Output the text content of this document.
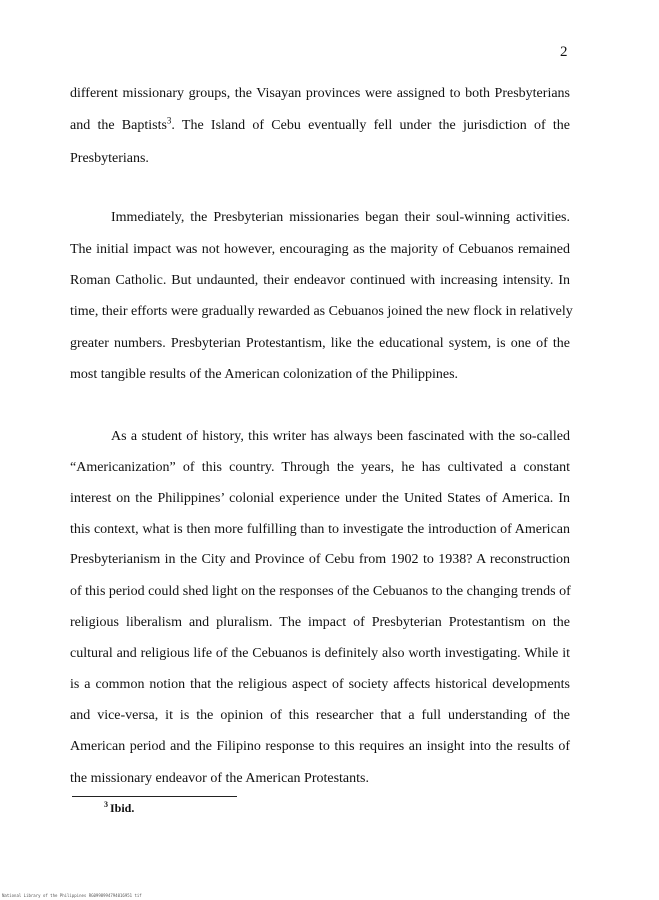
2
different missionary groups, the Visayan provinces were assigned to both Presbyterians
and the Baptists$^3$. The Island of Cebu eventually fell under the jurisdiction of the
Presbyterians.
Immediately, the Presbyterian missionaries began their soul-winning activities.
The initial impact was not however, encouraging as the majority of Cebuanos remained
Roman Catholic. But undaunted, their endeavor continued with increasing intensity. In
time, their efforts were gradually rewarded as Cebuanos joined the new flock in relatively
greater numbers. Presbyterian Protestantism, like the educational system, is one of the
most tangible results of the American colonization of the Philippines.
As a student of history, this writer has always been fascinated with the so-called
“Americanization” of this country. Through the years, he has cultivated a constant
interest on the Philippines’ colonial experience under the United States of America. In
this context, what is then more fulfilling than to investigate the introduction of American
Presbyterianism in the City and Province of Cebu from 1902 to 1938? A reconstruction
of this period could shed light on the responses of the Cebuanos to the changing trends of
religious liberalism and pluralism. The impact of Presbyterian Protestantism on the
cultural and religious life of the Cebuanos is definitely also worth investigating. While it
is a common notion that the religious aspect of society affects historical developments
and vice-versa, it is the opinion of this researcher that a full understanding of the
American period and the Filipino response to this requires an insight into the results of
the missionary endeavor of the American Protestants.
$^3$ Ibid.
National Library of the Philippines RG0998994794016951 tif
